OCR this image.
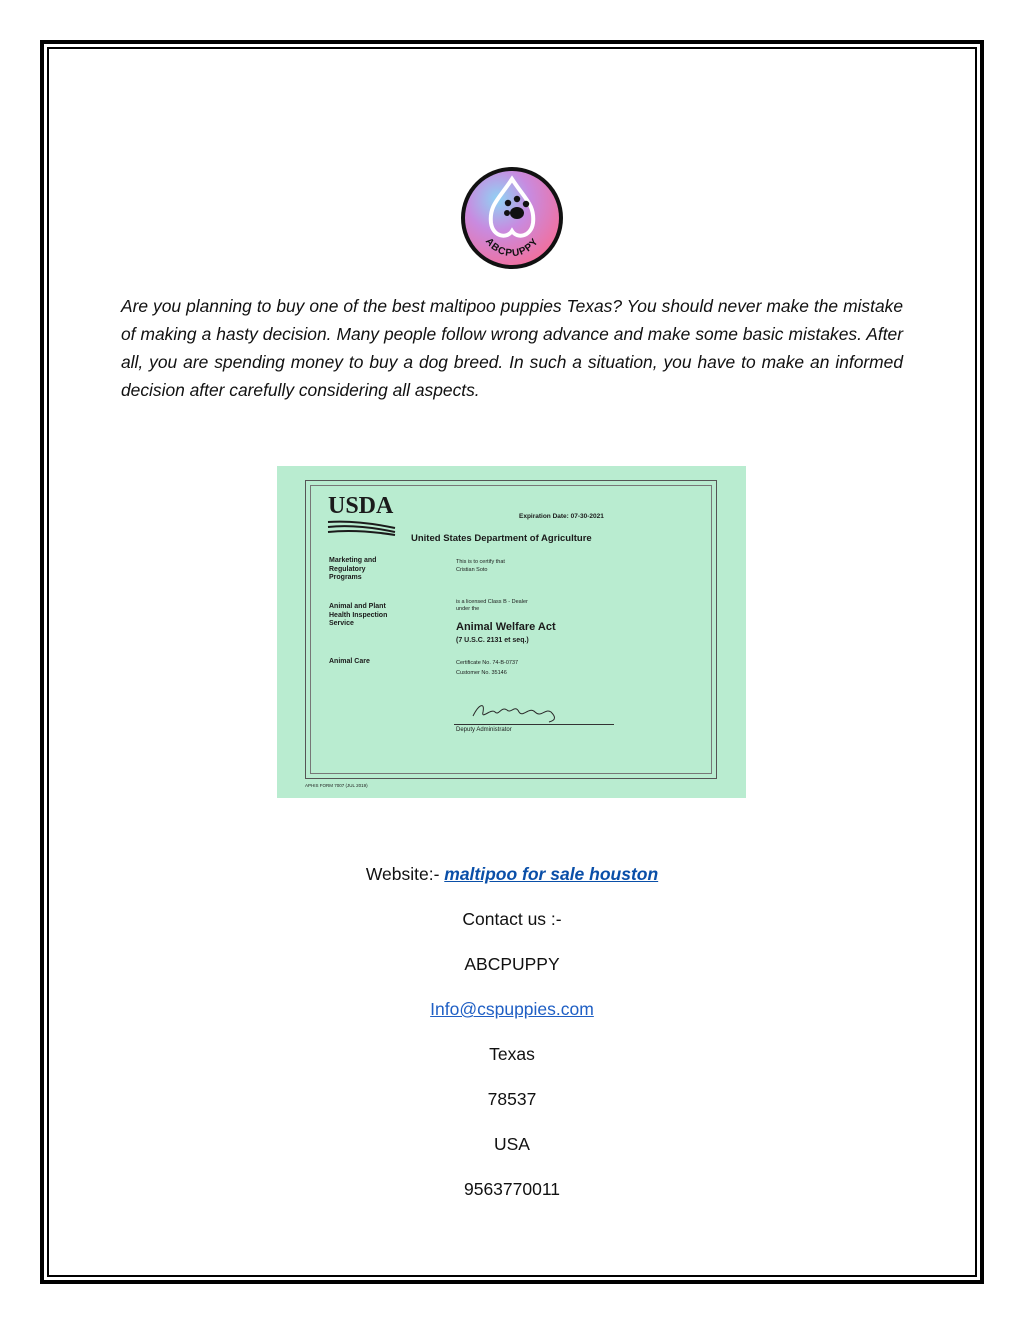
ABCPUPPY

Are you planning to buy one of the best maltipoo puppies Texas? You should never make the mistake of making a hasty decision. Many people follow wrong advance and make some basic mistakes. After all, you are spending money to buy a dog breed. In such a situation, you have to make an informed decision after carefully considering all aspects.

USDA	Expiration Date: 07-30-2021
United States Department of Agriculture
Marketing and Regulatory Programs
Animal and Plant Health Inspection Service
Animal Care
This is to certify that
Cristian Soto
is a licensed Class B - Dealer
under the
Animal Welfare Act
(7 U.S.C. 2131 et seq.)
Certificate No. 74-B-0737
Customer No. 35146
Deputy Administrator
APHIS FORM 7007 (JUL 2019)

Website:- maltipoo for sale houston

Contact us :-

ABCPUPPY

Info@cspuppies.com

Texas

78537

USA

9563770011
